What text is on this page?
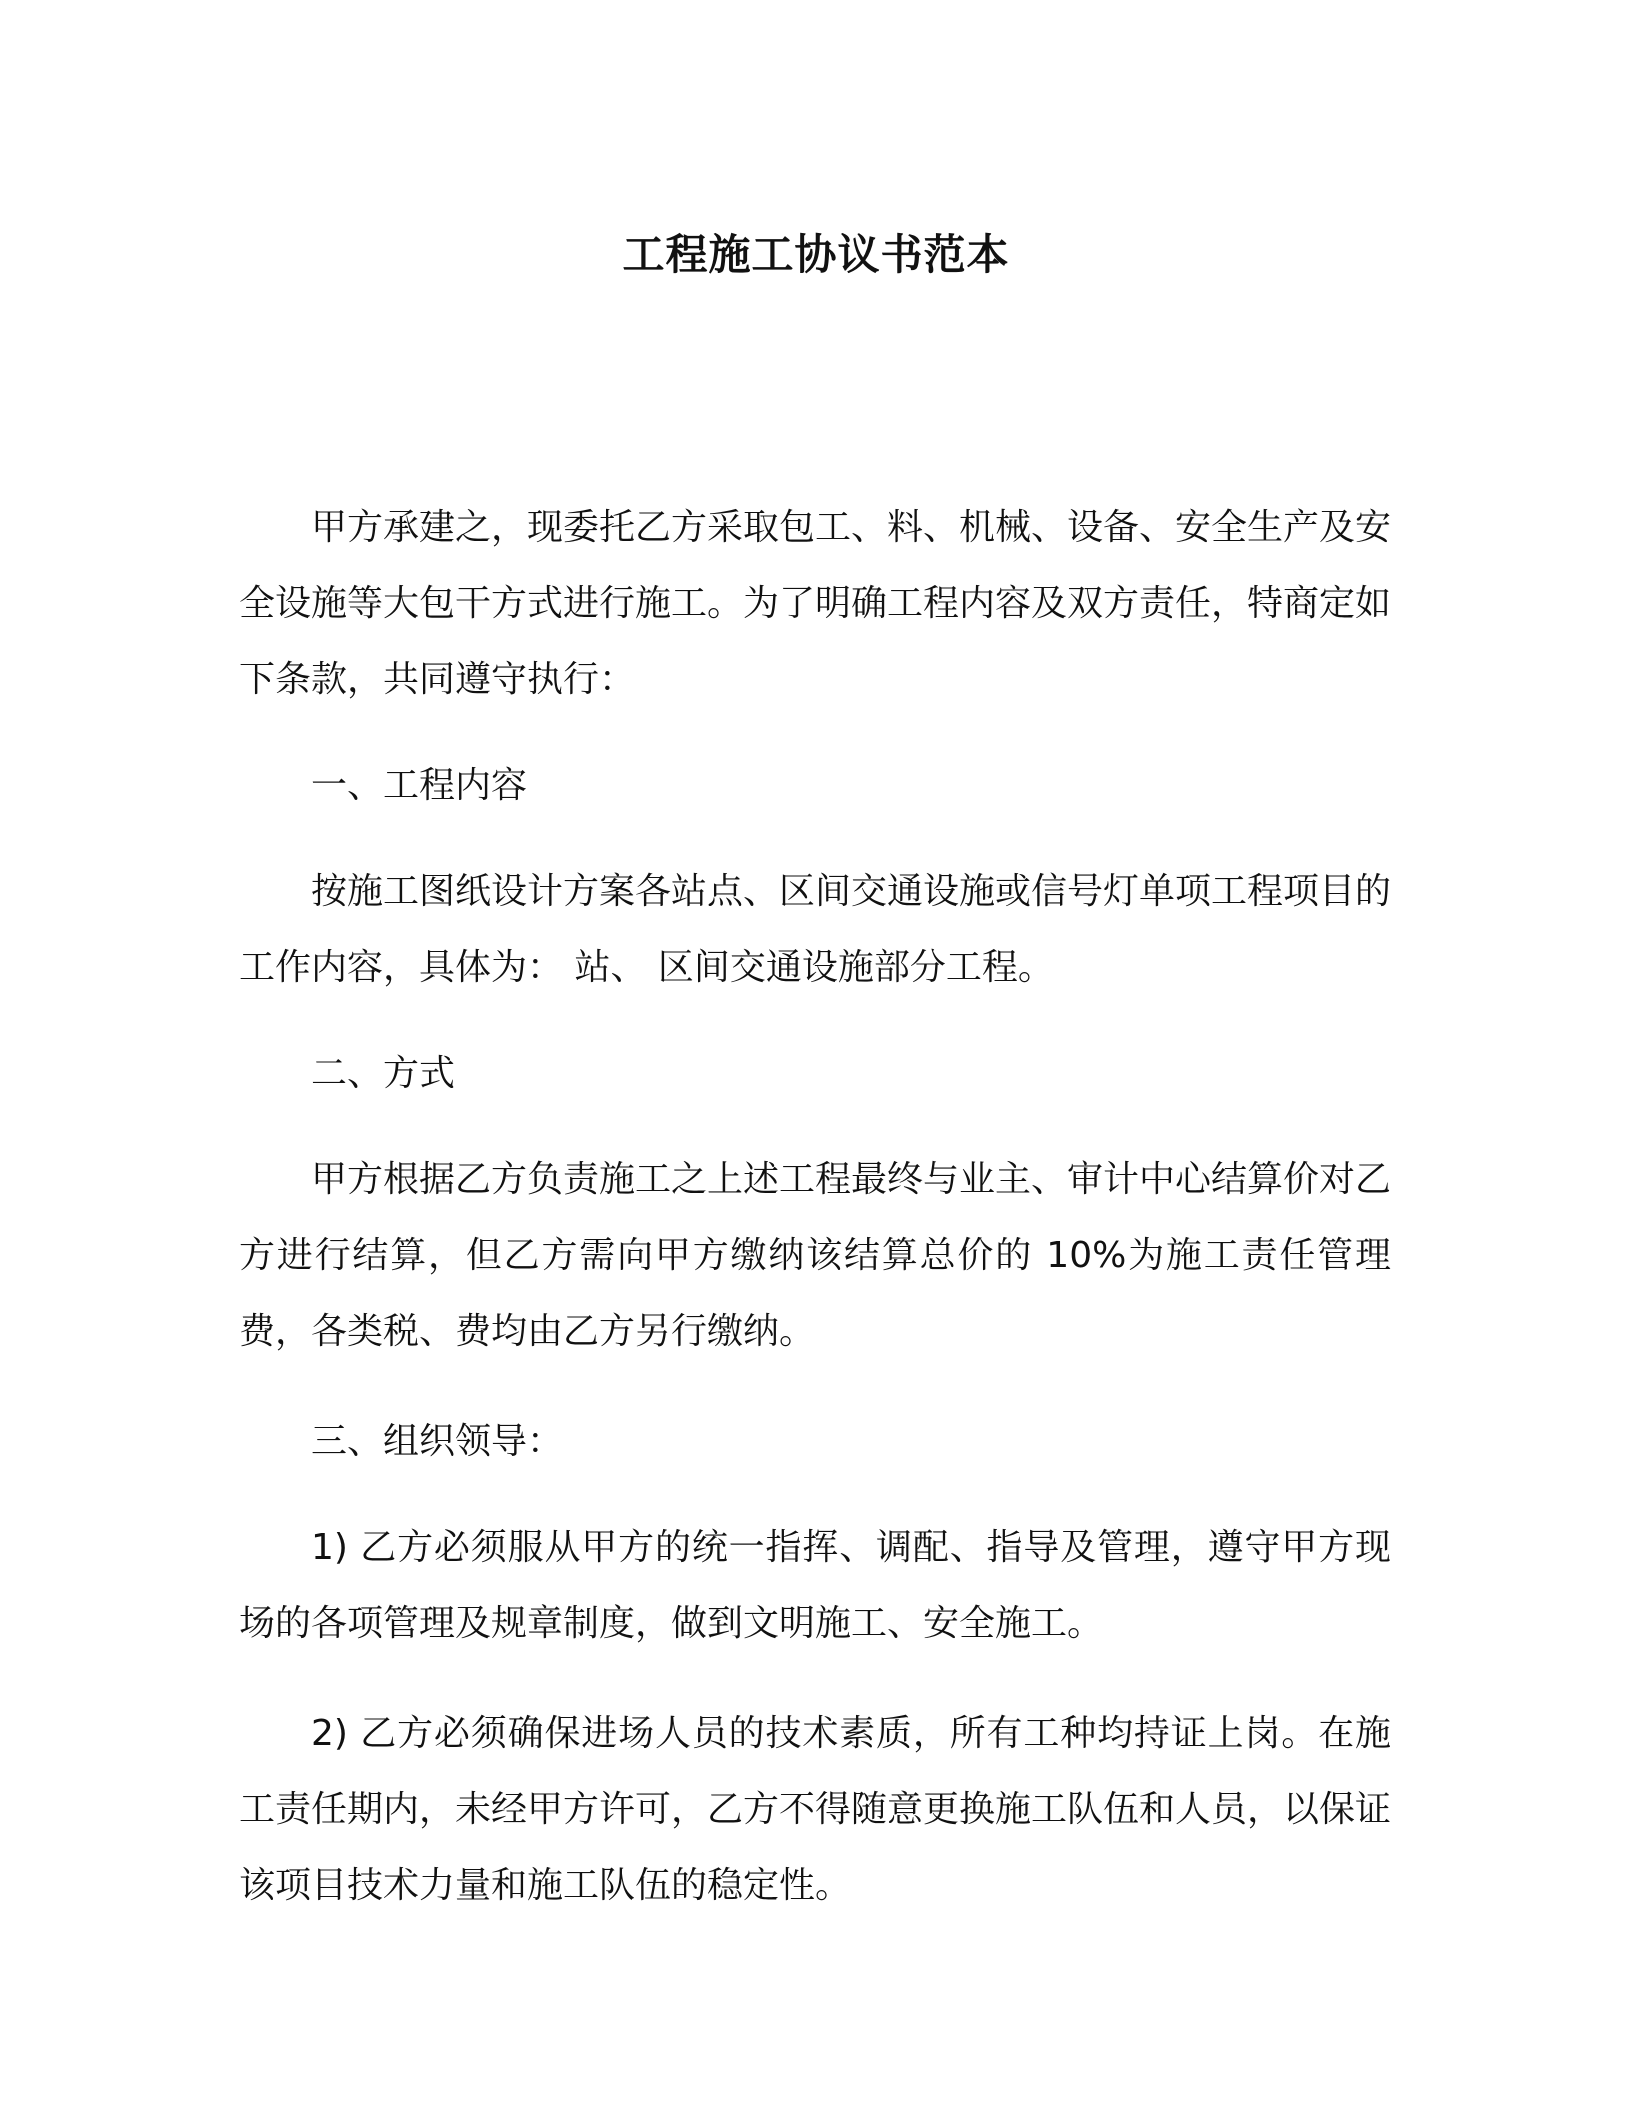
工程施工协议书范本

甲方承建之，现委托乙方采取包工、料、机械、设备、安全生产及安全设施等大包干方式进行施工。为了明确工程内容及双方责任，特商定如下条款，共同遵守执行：

一、工程内容

按施工图纸设计方案各站点、区间交通设施或信号灯单项工程项目的工作内容，具体为： 站、 区间交通设施部分工程。

二、方式

甲方根据乙方负责施工之上述工程最终与业主、审计中心结算价对乙方进行结算，但乙方需向甲方缴纳该结算总价的 10%为施工责任管理费，各类税、费均由乙方另行缴纳。

三、组织领导：

1) 乙方必须服从甲方的统一指挥、调配、指导及管理，遵守甲方现场的各项管理及规章制度，做到文明施工、安全施工。

2) 乙方必须确保进场人员的技术素质，所有工种均持证上岗。在施工责任期内，未经甲方许可，乙方不得随意更换施工队伍和人员，以保证该项目技术力量和施工队伍的稳定性。
